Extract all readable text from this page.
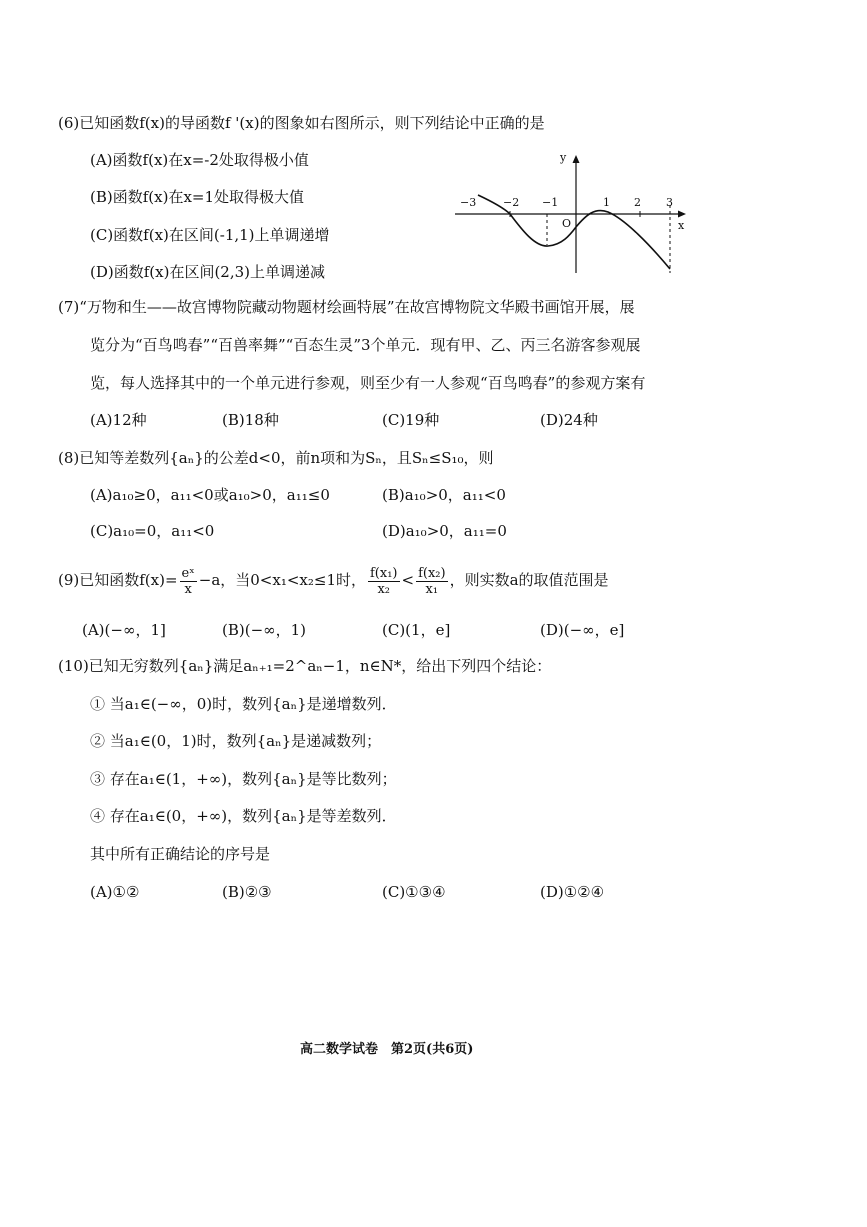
(6)已知函数f(x)的导函数f '(x)的图象如右图所示，则下列结论中正确的是
(A)函数f(x)在x=-2处取得极小值
(B)函数f(x)在x=1处取得极大值
(C)函数f(x)在区间(-1,1)上单调递增
(D)函数f(x)在区间(2,3)上单调递减
y
x
O
−3 −2 −1	1 2 3
(7)“万物和生——故宫博物院藏动物题材绘画特展”在故宫博物院文华殿书画馆开展，展
览分为“百鸟鸣春”“百兽率舞”“百态生灵”3个单元．现有甲、乙、丙三名游客参观展
览，每人选择其中的一个单元进行参观，则至少有一人参观“百鸟鸣春”的参观方案有
(A)12种	(B)18种	(C)19种	(D)24种
(8)已知等差数列{aₙ}的公差d<0，前n项和为Sₙ，且Sₙ≤S₁₀，则
(A)a₁₀≥0，a₁₁<0或a₁₀>0，a₁₁≤0	(B)a₁₀>0，a₁₁<0
(C)a₁₀=0，a₁₁<0	(D)a₁₀>0，a₁₁=0
(9)已知函数$f(x)= \frac{\text{eˣ}}{x} -a$，当0<x₁<x₂≤1时， $\frac{\text{f(x₁)}}{\text{x₂}} < \frac{\text{f(x₂)}}{\text{x₁}}$ ，则实数a的取值范围是
(A)(−∞，1]	(B)(−∞，1)	(C)(1，e]	(D)(−∞，e]
(10)已知无穷数列{aₙ}满足aₙ₊₁=2^aₙ−1，n∈N*，给出下列四个结论：
① 当a₁∈(−∞，0)时，数列{aₙ}是递增数列．
② 当a₁∈(0，1)时，数列{aₙ}是递减数列；
③ 存在a₁∈(1，+∞)，数列{aₙ}是等比数列；
④ 存在a₁∈(0，+∞)，数列{aₙ}是等差数列．
其中所有正确结论的序号是
(A)①②	(B)②③	(C)①③④	(D)①②④
高二数学试卷　第2页(共6页)
